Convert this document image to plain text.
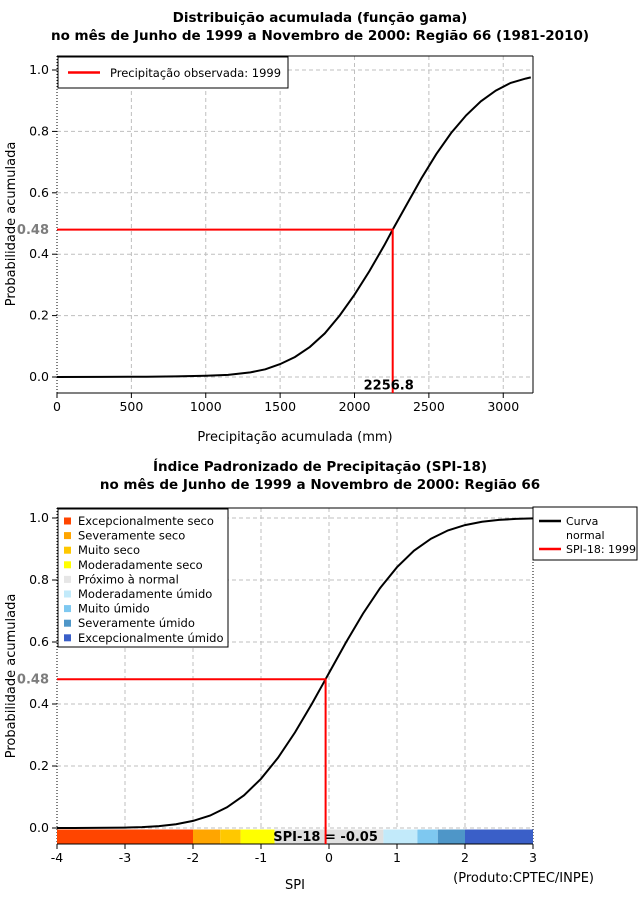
0	500	1000	1500	2000	2500	3000
0.0
0.2
0.4
0.6
0.8
1.0
0.48
2256.8
Precipitação acumulada (mm)
Probabilidade acumulada
Precipitação observada: 1999
-4	-3	-2	-1	0	1	2	3
0.0
0.2
0.4
0.6
0.8
1.0
0.48
SPI-18 = -0.05
SPI
Probabilidade acumulada
Curva
normal
SPI-18: 1999
Excepcionalmente seco
Severamente seco
Muito seco
Moderadamente seco
Próximo à normal
Moderadamente úmido
Muito úmido
Severamente úmido
Excepcionalmente úmido
Distribuição acumulada (função gama)
no mês de Junho de 1999 a Novembro de 2000: Região 66 (1981-2010)
Índice Padronizado de Precipitação (SPI-18)
no mês de Junho de 1999 a Novembro de 2000: Região 66
(Produto:CPTEC/INPE)
